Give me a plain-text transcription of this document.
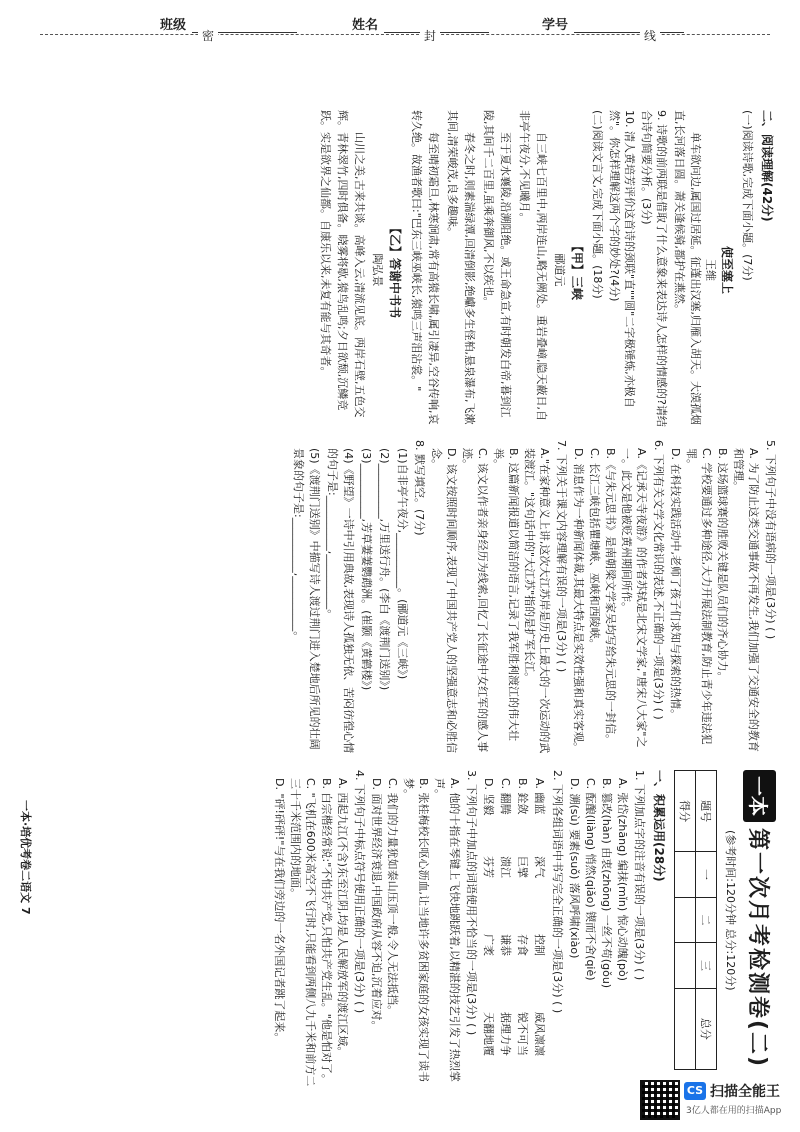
班级	姓名	学号
密	封	线
一本
第一次月考检测卷(二)
(参考时间:120分钟 总分:120分)
题号	一	二	三	总分
得分				
一、积累运用(28分)
1. 下列加点字的注音有误的一项是(3分) ( )
A. 张岱(zhāng) 编抹(mǐn) 惊心动魄(pò)
B. 篡改(hàn) 由衷(zhōng) 一丝不苟(gǒu)
C. 酝酿(liàng) 悄然(qiǎo) 锲而不舍(qiè)
D. 溯(sù) 要素(suǒ) 落风呼啸(xiào)
2. 下列各组词语中书写完全正确的一项是(3分) ( )
A. 幽蓝
深气
控制
威风凛凛
B. 銓敛
巨擘
存食
锐不可当
C. 翻腾
溃江
谦恭
据理力争
D. 坚毅
芬芳
广袤
天翻地覆
3. 下列句子中加点的词语使用不恰当的一项是(3分) ( )
A. 他的十指在琴键上飞快地跳跃着,以精湛的技艺引发了热烈掌声。
B. 张桂梅校长呕心沥血,让当地许多贫困家庭的女孩实现了读书梦。
C. 我们的力量犹如泰山压顶一般,令人无法抵挡。
D. 面对世界经济衰退,中国政府从容不迫,沉着应对。
4. 下列句子中标点符号使用正确的一项是(3分) ( )
A. 西起九江(不含)东至江阴,均是人民解放军的渡江区域。
B. 白宗楷经常说:"不怕共产党,只怕共产党生乱。"他是怕对了。
C. "飞机在600米高空不飞行时,只能看到两侧八九千米和前方二三十千米范围内的地面。
D. "砰!砰砰!"与在我们旁边的一名外国记者跳了起来。
一本·培优考卷二语文 7
5. 下列句子中没有语病的一项是(3分) ( )
A. 为了防止这类交通事故不再发生,我们加强了交通安全的教育和管理。
B. 这场篮球赛的胜败关键是队员们的齐心协力。
C. 学校要通过多种途径,大力开展法制教育,防止青少年违法犯罪。
D. 在科技实践活动中,老师了孩子们求知与探索的热情。
6. 下列有关文学文化常识的表述,不正确的一项是(3分) ( )
A.《记承天寺夜游》的作者苏轼是北宋文学家,"唐宋八大家"之一。此文是他被贬黄州期间所作。
B.《与朱元思书》是南朝梁文学家吴均写给朱元思的一封信。
C. 长江三峡包括瞿塘峡、巫峡和西陵峡。
D. 消息作为一种新闻体裁,其最大特点是实效性强和真实客观。
7. 下列关于课文内容理解有误的一项是(3分) ( )
A."在家种意义上讲,这次大江苏岸是历史上最大的一次运动的武装渡江。"这句话中的"大江苏"指的是扩军长江。
B. 这篇新闻报道以简洁的语言,记录了我军胜利渡江的伟大壮举。
C. 该文以作者亲身经历为线索,回忆了长征途中女红军的感人事迹。
D. 该文按照时间顺序,表现了中国共产党人的坚强意志和必胜信念。
8. 默写填空。(7分)
(1)自非亭午夜分,__________。(郦道元《三峡》)
(2)__________,万里送行舟。(李白《渡荆门送别》)
(3)__________,芳草萋萋鹦鹉洲。(崔颢《黄鹤楼》)
(4)《野望》一诗中引用典故,表现诗人孤独无依、苦闷彷徨心情的句子是:__________,__________。
(5)《渡荆门送别》中描写诗人渡过荆门进入楚地后所见的壮阔景象的句子是:__________,__________。
二、阅读理解(42分)
(一)阅读诗歌,完成下面小题。(7分)
使至塞上
王维
单车欲问边,属国过居延。征蓬出汉塞,归雁入胡天。大漠孤烟直,长河落日圆。萧关逢候骑,都护在燕然。
9. 诗歌的前两联是借取了什么意象来表达诗人怎样的情感的?请结合诗句简要分析。(3分)
10. 清人黄培芳评价这首诗的颈联"直""圆"二字极锤炼,亦极自然"。你怎样理解这两个字的妙处?(4分)
(二)阅读文言文,完成下面小题。(18分)
【甲】三峡
郦道元
自三峡七百里中,两岸连山,略无阙处。重岩叠嶂,隐天蔽日,自非亭午夜分,不见曦月。
至于夏水襄陵,沿溯阻绝。或王命急宣,有时朝发白帝,暮到江陵,其间千二百里,虽乘奔御风,不以疾也。
春冬之时,则素湍绿潭,回清倒影,绝巘多生怪柏,悬泉瀑布,飞漱其间,清荣峻茂,良多趣味。
每至晴初霜旦,林寒涧肃,常有高猿长啸,属引凄异,空谷传响,哀转久绝。故渔者歌曰:"巴东三峡巫峡长,猿鸣三声泪沾裳。"
【乙】答谢中书书
陶弘景
山川之美,古来共谈。高峰入云,清流见底。两岸石壁,五色交辉。青林翠竹,四时俱备。晓雾将歇,猿鸟乱鸣;夕日欲颓,沉鳞竞跃。实是欲界之仙都。自康乐以来,未复有能与其奇者。
CS 扫描全能王
3亿人都在用的扫描App
